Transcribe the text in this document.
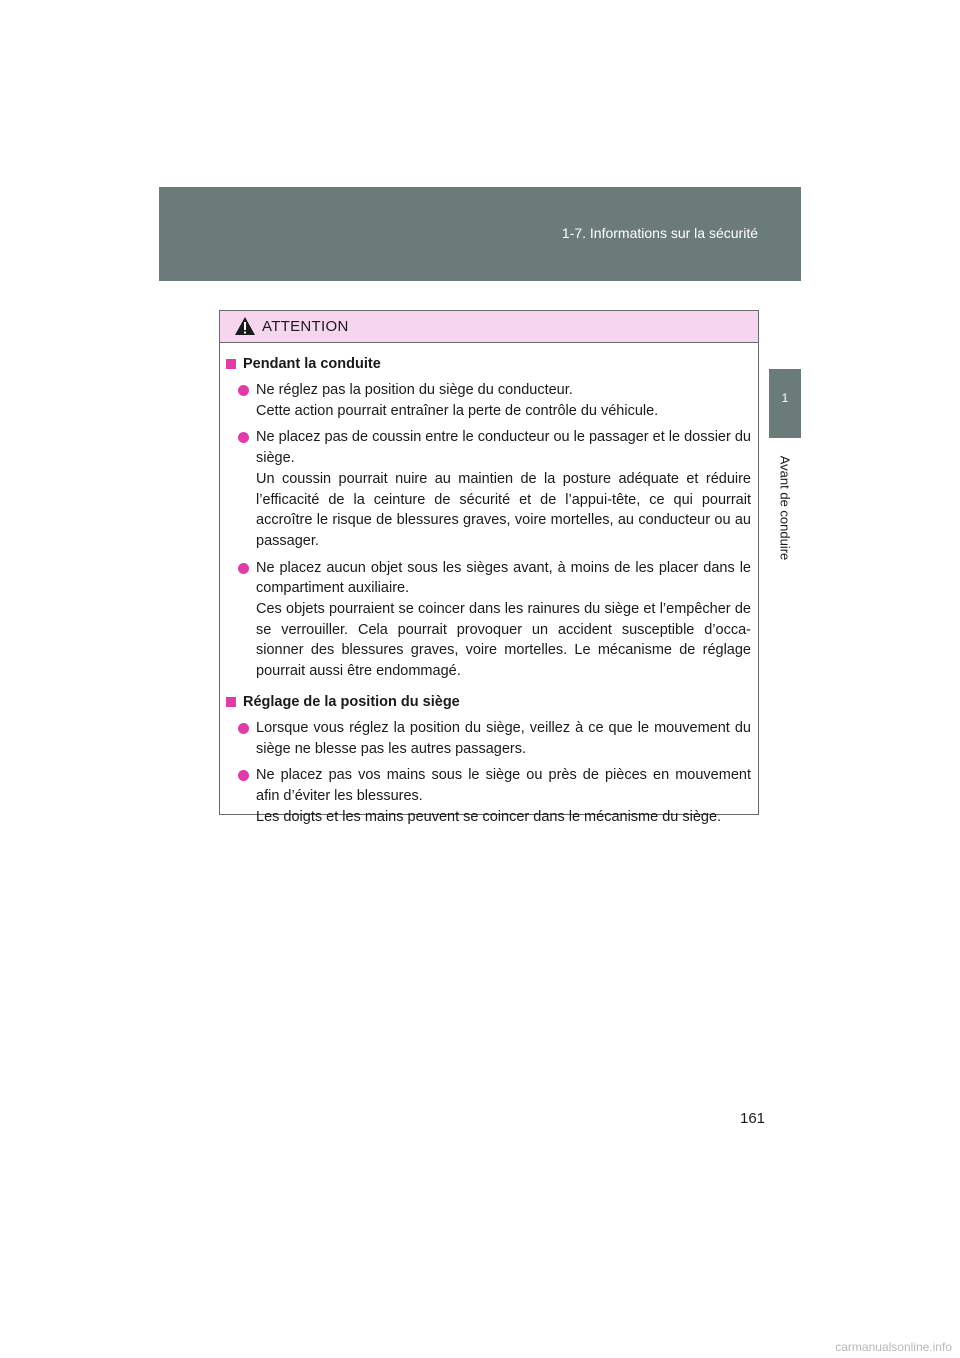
1-7. Informations sur la sécurité
1
Avant de conduire
ATTENTION
Pendant la conduite

Ne réglez pas la position du siège du conducteur.

Cette action pourrait entraîner la perte de contrôle du véhicule.

Ne placez pas de coussin entre le conducteur ou le passager et le dossier du siège.

Un coussin pourrait nuire au maintien de la posture adéquate et réduire l’efficacité de la ceinture de sécurité et de l’appui-tête, ce qui pourrait accroître le risque de blessures graves, voire mortelles, au conducteur ou au passager.

Ne placez aucun objet sous les sièges avant, à moins de les placer dans le compartiment auxiliaire.

Ces objets pourraient se coincer dans les rainures du siège et l’empêcher de se verrouiller. Cela pourrait provoquer un accident susceptible d’occa-sionner des blessures graves, voire mortelles. Le mécanisme de réglage pourrait aussi être endommagé.

Réglage de la position du siège

Lorsque vous réglez la position du siège, veillez à ce que le mouvement du siège ne blesse pas les autres passagers.

Ne placez pas vos mains sous le siège ou près de pièces en mouvement afin d’éviter les blessures.

Les doigts et les mains peuvent se coincer dans le mécanisme du siège.

161
carmanualsonline.info
